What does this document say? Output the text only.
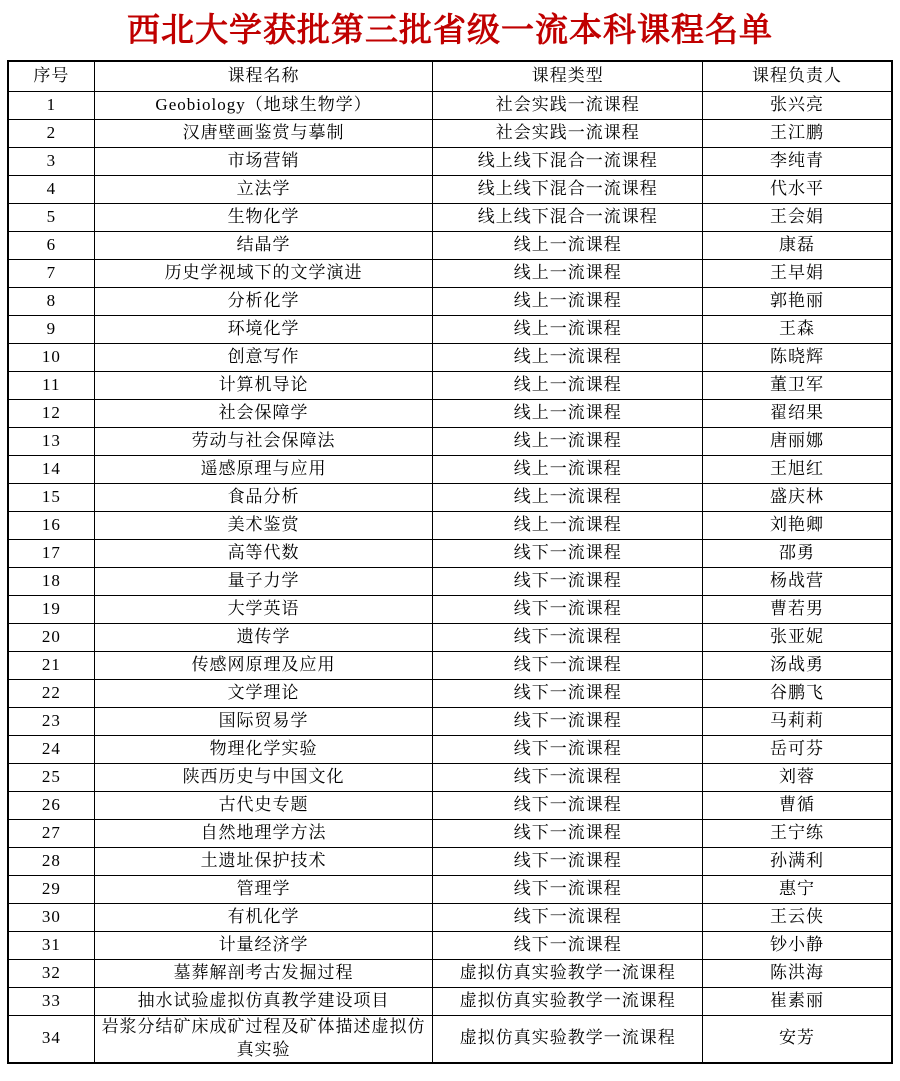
西北大学获批第三批省级一流本科课程名单
序号	课程名称	课程类型	课程负责人
1	Geobiology（地球生物学）	社会实践一流课程	张兴亮
2	汉唐壁画鉴赏与摹制	社会实践一流课程	王江鹏
3	市场营销	线上线下混合一流课程	李纯青
4	立法学	线上线下混合一流课程	代水平
5	生物化学	线上线下混合一流课程	王会娟
6	结晶学	线上一流课程	康磊
7	历史学视域下的文学演进	线上一流课程	王早娟
8	分析化学	线上一流课程	郭艳丽
9	环境化学	线上一流课程	王森
10	创意写作	线上一流课程	陈晓辉
11	计算机导论	线上一流课程	董卫军
12	社会保障学	线上一流课程	翟绍果
13	劳动与社会保障法	线上一流课程	唐丽娜
14	遥感原理与应用	线上一流课程	王旭红
15	食品分析	线上一流课程	盛庆林
16	美术鉴赏	线上一流课程	刘艳卿
17	高等代数	线下一流课程	邵勇
18	量子力学	线下一流课程	杨战营
19	大学英语	线下一流课程	曹若男
20	遗传学	线下一流课程	张亚妮
21	传感网原理及应用	线下一流课程	汤战勇
22	文学理论	线下一流课程	谷鹏飞
23	国际贸易学	线下一流课程	马莉莉
24	物理化学实验	线下一流课程	岳可芬
25	陕西历史与中国文化	线下一流课程	刘蓉
26	古代史专题	线下一流课程	曹循
27	自然地理学方法	线下一流课程	王宁练
28	土遗址保护技术	线下一流课程	孙满利
29	管理学	线下一流课程	惠宁
30	有机化学	线下一流课程	王云侠
31	计量经济学	线下一流课程	钞小静
32	墓葬解剖考古发掘过程	虚拟仿真实验教学一流课程	陈洪海
33	抽水试验虚拟仿真教学建设项目	虚拟仿真实验教学一流课程	崔素丽
34	岩浆分结矿床成矿过程及矿体描述虚拟仿真实验	虚拟仿真实验教学一流课程	安芳
